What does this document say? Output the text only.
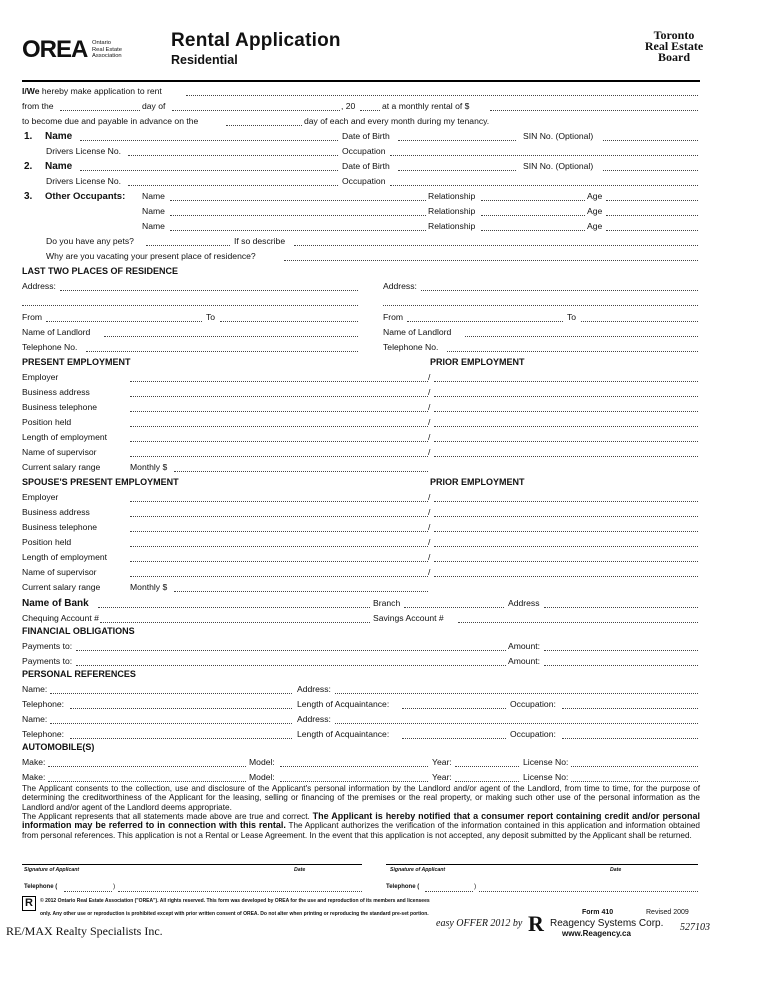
OREA Ontario
Real Estate
Association
Rental Application
Residential
Toronto
Real Estate
Board
I/We hereby make application to rent
from the	day of	, 20	at a monthly rental of $
to become due and payable in advance on the	day of each and every month during my tenancy.
1. Name	Date of Birth	SIN No. (Optional)
Drivers License No.	Occupation
2. Name	Date of Birth	SIN No. (Optional)
Drivers License No.	Occupation
3. Other Occupants: Name	Relationship	Age
Name	Relationship	Age
Name	Relationship	Age
Do you have any pets?	If so describe
Why are you vacating your present place of residence?
LAST TWO PLACES OF RESIDENCE
Address:	Address:
From	To	From	To
Name of Landlord	Name of Landlord
Telephone No.	Telephone No.
PRESENT EMPLOYMENT	PRIOR EMPLOYMENT
Employer	/
Business address	/
Business telephone	/
Position held	/
Length of employment	/
Name of supervisor	/
Current salary range	Monthly $
SPOUSE'S PRESENT EMPLOYMENT	PRIOR EMPLOYMENT
Employer	/
Business address	/
Business telephone	/
Position held	/
Length of employment	/
Name of supervisor	/
Current salary range	Monthly $
Name of Bank	Branch	Address
Chequing Account #	Savings Account #
FINANCIAL OBLIGATIONS
Payments to:	Amount:
Payments to:	Amount:
PERSONAL REFERENCES
Name:	Address:
Telephone:	Length of Acquaintance:	Occupation:
Name:	Address:
Telephone:	Length of Acquaintance:	Occupation:
AUTOMOBILE(S)
Make:	Model:	Year:	License No:
Make:	Model:	Year:	License No:
The Applicant consents to the collection, use and disclosure of the Applicant's personal information by the Landlord and/or agent of the Landlord, from time to time, for the purpose of determining the creditworthiness of the Applicant for the leasing, selling or financing of the premises or the real property, or making such other use of the personal information as the Landlord and/or agent of the Landlord deems appropriate.
The Applicant represents that all statements made above are true and correct. The Applicant is hereby notified that a consumer report containing credit and/or personal information may be referred to in connection with this rental. The Applicant authorizes the verification of the information contained in this application and information obtained from personal references. This application is not a Rental or Lease Agreement. In the event that this application is not accepted, any deposit submitted by the Applicant shall be returned.
Signature of Applicant	Date	Signature of Applicant	Date
Telephone (	)	Telephone (	)
R	© 2012 Ontario Real Estate Association ("OREA"). All rights reserved. This form was developed by OREA for the use and reproduction of its members and licensees
only. Any other use or reproduction is prohibited except with prior written consent of OREA. Do not alter when printing or reproducing the standard pre-set portion.	Form 410	Revised 2009
RE/MAX Realty Specialists Inc.
easy OFFER 2012 by R Reagency Systems Corp.
www.Reagency.ca
527103
